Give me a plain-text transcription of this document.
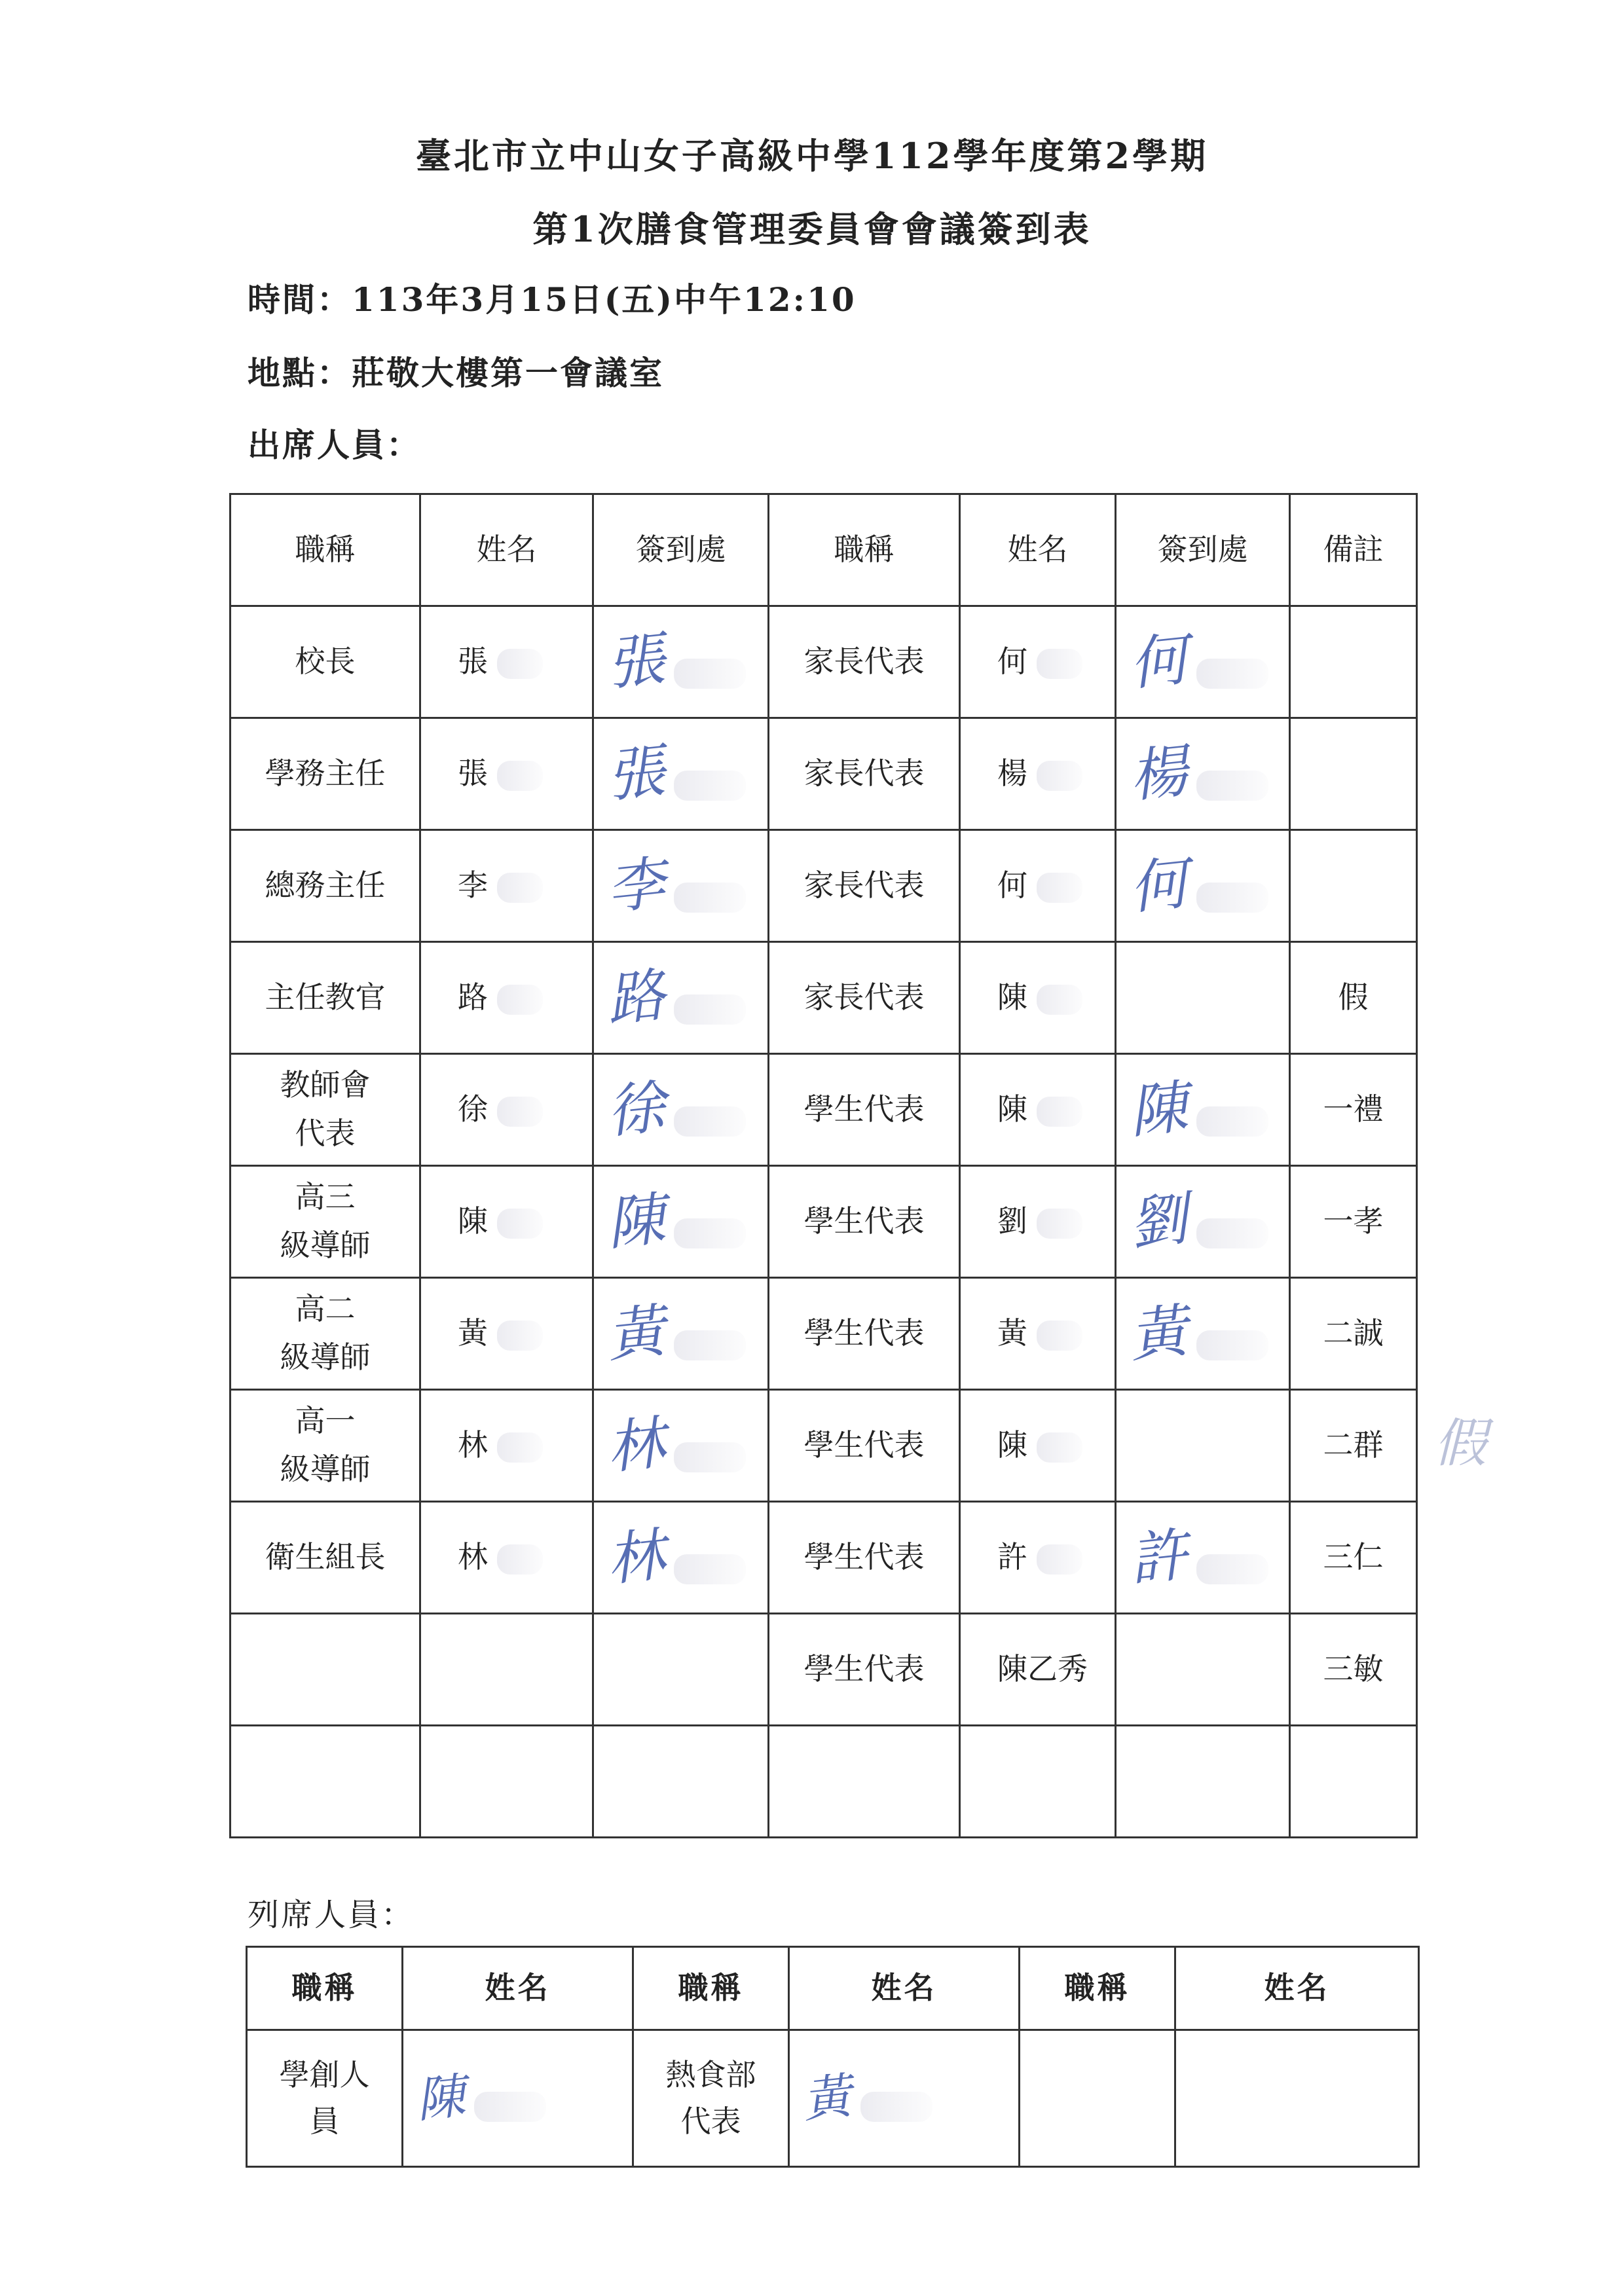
臺北市立中山女子高級中學112學年度第2學期
第1次膳食管理委員會會議簽到表
時間：113年3月15日(五)中午12:10
地點：莊敬大樓第一會議室
出席人員：
職稱	姓名	簽到處	職稱	姓名	簽到處	備註
校長	張	張	家長代表	何	何	
學務主任	張	張	家長代表	楊	楊	
總務主任	李	李	家長代表	何	何	
主任教官	路	路	家長代表	陳		假
教師會
代表	徐	徐	學生代表	陳	陳	一禮
高三
級導師	陳	陳	學生代表	劉	劉	一孝
高二
級導師	黃	黃	學生代表	黃	黃	二誠
高一
級導師	林	林	學生代表	陳		二群
衛生組長	林	林	學生代表	許	許	三仁
			學生代表	陳乙秀		三敏

假
列席人員：
職稱	姓名	職稱	姓名	職稱	姓名
學創人
員	陳	熱食部
代表	黃		
